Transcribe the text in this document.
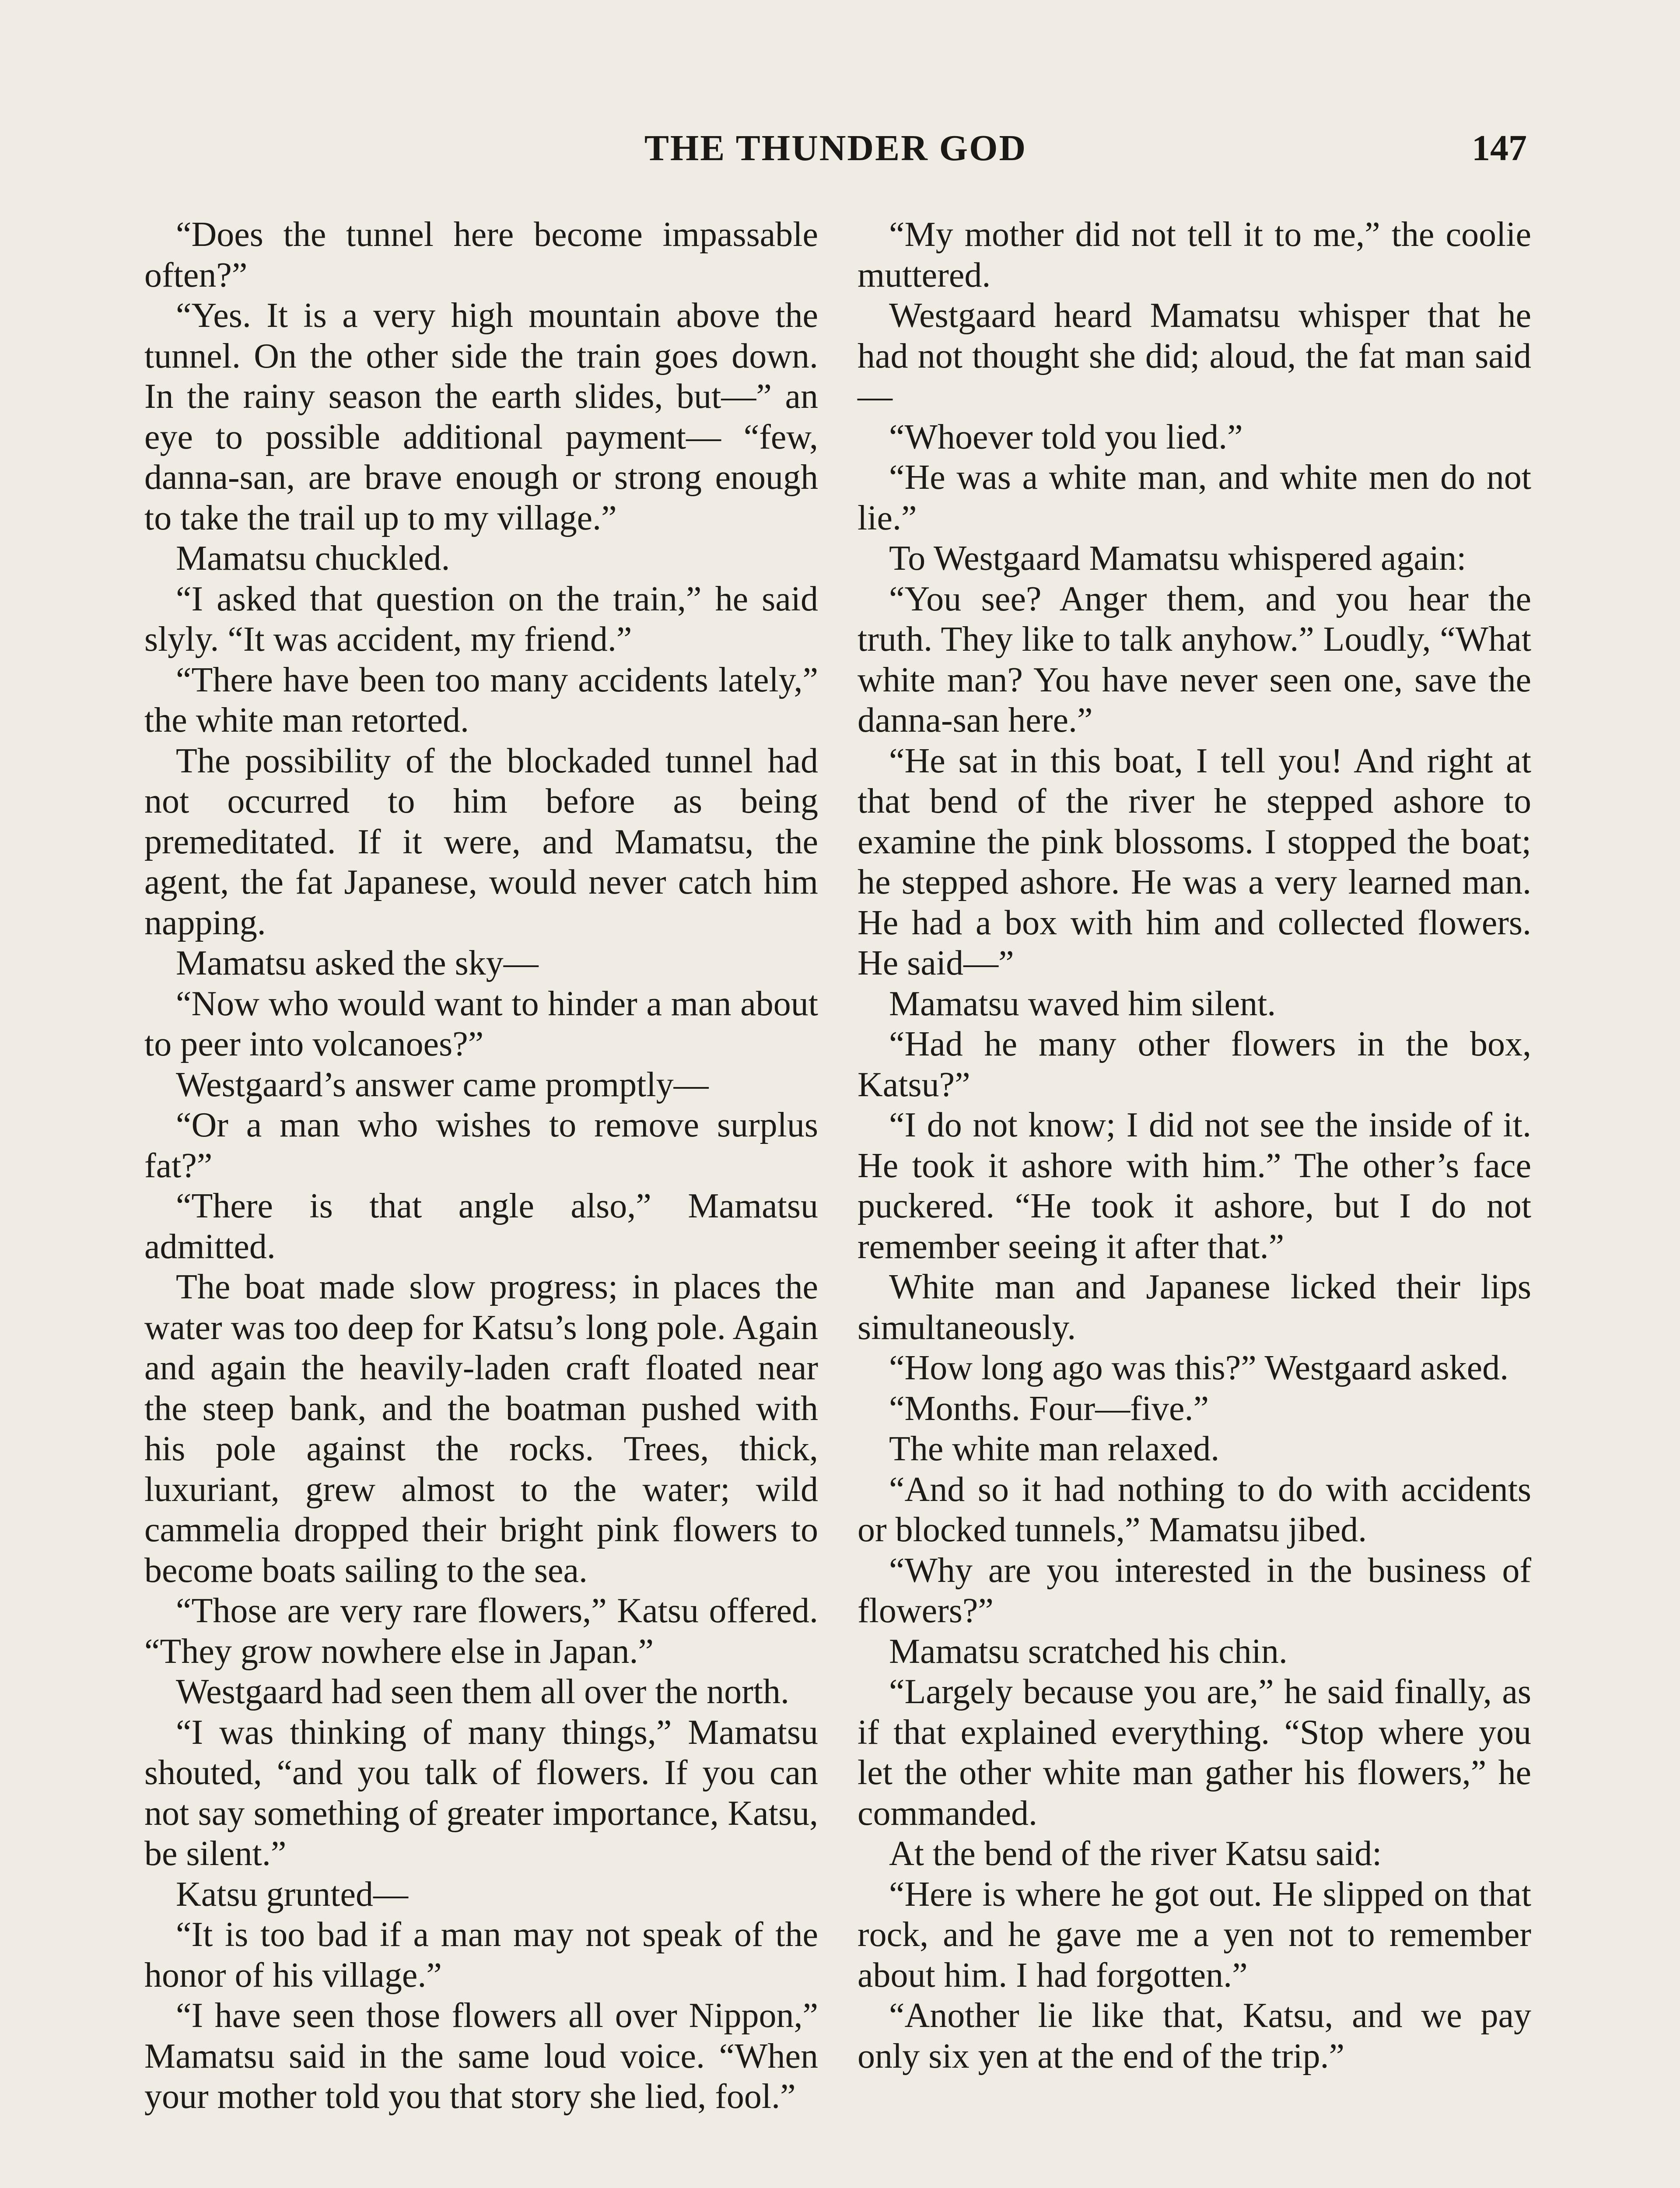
THE THUNDER GOD	147

“Does the tunnel here become impassable often?”

“Yes. It is a very high mountain above the tunnel. On the other side the train goes down. In the rainy season the earth slides, but—” an eye to possible additional payment— “few, danna-san, are brave enough or strong enough to take the trail up to my village.”

Mamatsu chuckled.

“I asked that question on the train,” he said slyly. “It was accident, my friend.”

“There have been too many accidents lately,” the white man retorted.

The possibility of the blockaded tunnel had not occurred to him before as being premeditated. If it were, and Mamatsu, the agent, the fat Japanese, would never catch him napping.

Mamatsu asked the sky—

“Now who would want to hinder a man about to peer into volcanoes?”

Westgaard’s answer came promptly—

“Or a man who wishes to remove surplus fat?”

“There is that angle also,” Mamatsu admitted.

The boat made slow progress; in places the water was too deep for Katsu’s long pole. Again and again the heavily-laden craft floated near the steep bank, and the boatman pushed with his pole against the rocks. Trees, thick, luxuriant, grew almost to the water; wild cammelia dropped their bright pink flowers to become boats sailing to the sea.

“Those are very rare flowers,” Katsu offered. “They grow nowhere else in Japan.”

Westgaard had seen them all over the north.

“I was thinking of many things,” Mamatsu shouted, “and you talk of flowers. If you can not say something of greater importance, Katsu, be silent.”

Katsu grunted—

“It is too bad if a man may not speak of the honor of his village.”

“I have seen those flowers all over Nippon,” Mamatsu said in the same loud voice. “When your mother told you that story she lied, fool.”

“My mother did not tell it to me,” the coolie muttered.

Westgaard heard Mamatsu whisper that he had not thought she did; aloud, the fat man said—

“Whoever told you lied.”

“He was a white man, and white men do not lie.”

To Westgaard Mamatsu whispered again:

“You see? Anger them, and you hear the truth. They like to talk anyhow.” Loudly, “What white man? You have never seen one, save the danna-san here.”

“He sat in this boat, I tell you! And right at that bend of the river he stepped ashore to examine the pink blossoms. I stopped the boat; he stepped ashore. He was a very learned man. He had a box with him and collected flowers. He said—”

Mamatsu waved him silent.

“Had he many other flowers in the box, Katsu?”

“I do not know; I did not see the inside of it. He took it ashore with him.” The other’s face puckered. “He took it ashore, but I do not remember seeing it after that.”

White man and Japanese licked their lips simultaneously.

“How long ago was this?” Westgaard asked.

“Months. Four—five.”

The white man relaxed.

“And so it had nothing to do with accidents or blocked tunnels,” Mamatsu jibed.

“Why are you interested in the business of flowers?”

Mamatsu scratched his chin.

“Largely because you are,” he said finally, as if that explained everything. “Stop where you let the other white man gather his flowers,” he commanded.

At the bend of the river Katsu said:

“Here is where he got out. He slipped on that rock, and he gave me a yen not to remember about him. I had forgotten.”

“Another lie like that, Katsu, and we pay only six yen at the end of the trip.”
